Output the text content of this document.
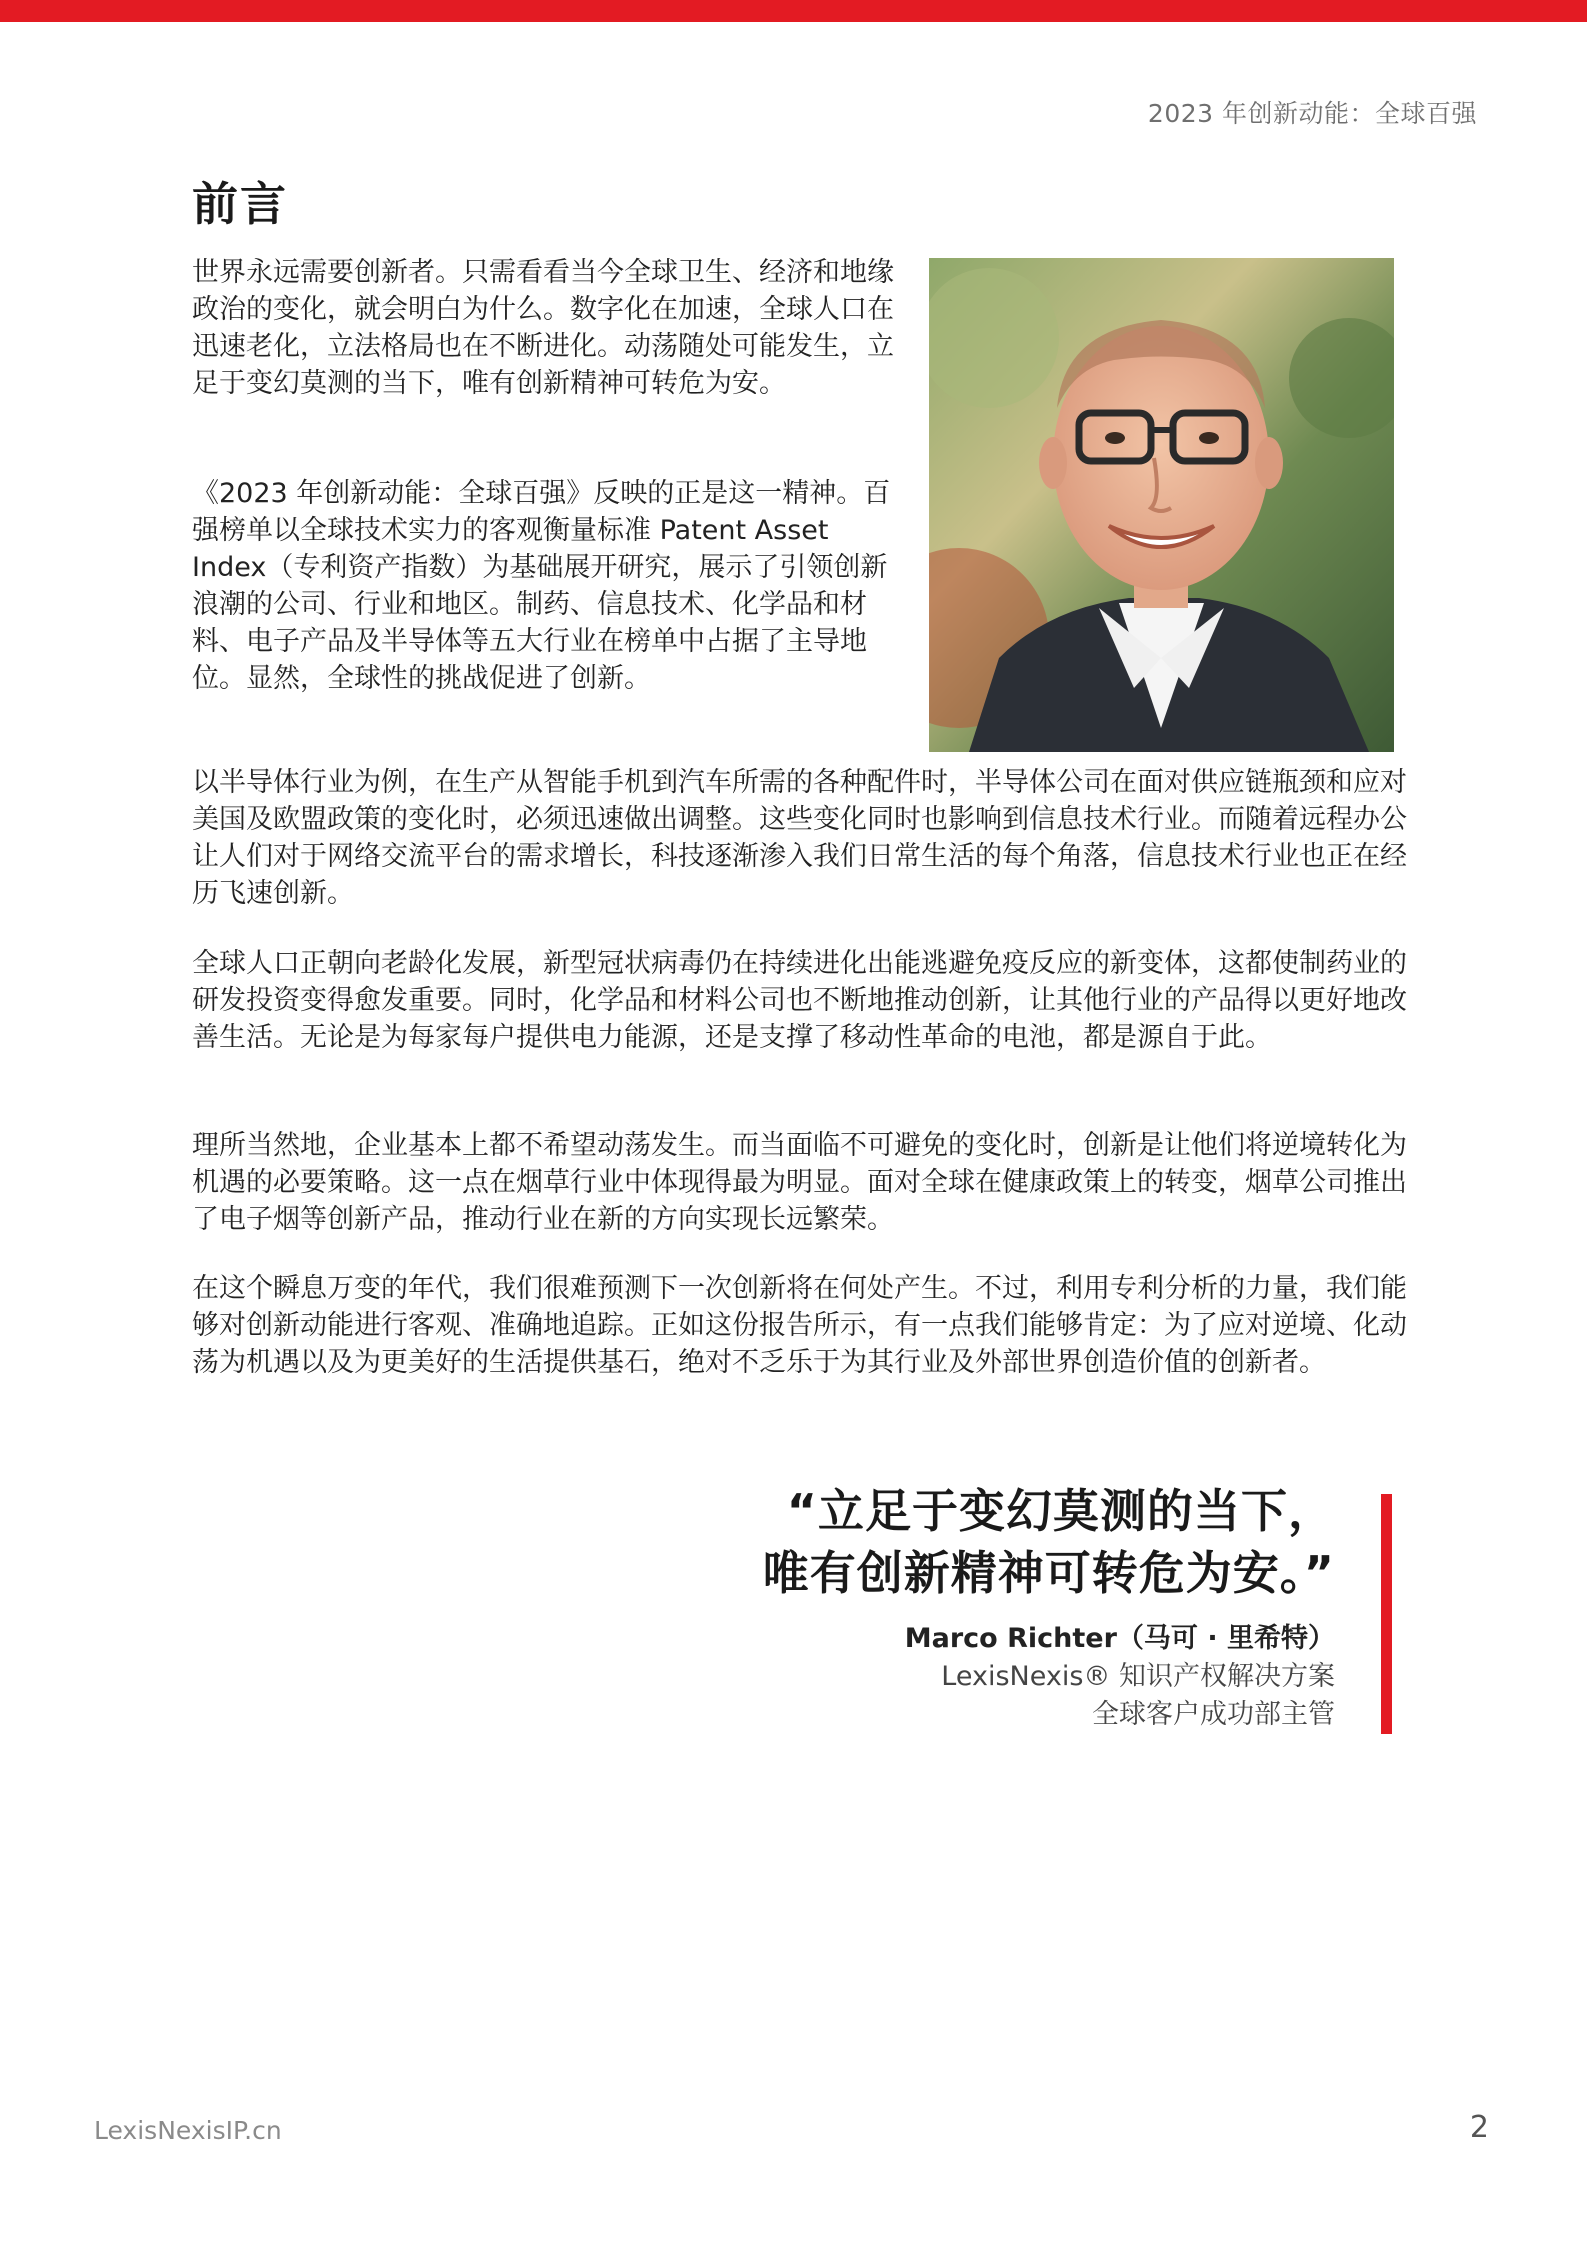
2023 年创新动能：全球百强
前言

世界永远需要创新者。只需看看当今全球卫生、经济和地缘政治的变化，就会明白为什么。数字化在加速，全球人口在迅速老化，立法格局也在不断进化。动荡随处可能发生，立足于变幻莫测的当下，唯有创新精神可转危为安。

《2023 年创新动能：全球百强》反映的正是这一精神。百强榜单以全球技术实力的客观衡量标准 Patent Asset Index（专利资产指数）为基础展开研究，展示了引领创新浪潮的公司、行业和地区。制药、信息技术、化学品和材料、电子产品及半导体等五大行业在榜单中占据了主导地位。显然，全球性的挑战促进了创新。

以半导体行业为例，在生产从智能手机到汽车所需的各种配件时，半导体公司在面对供应链瓶颈和应对美国及欧盟政策的变化时，必须迅速做出调整。这些变化同时也影响到信息技术行业。而随着远程办公让人们对于网络交流平台的需求增长，科技逐渐渗入我们日常生活的每个角落，信息技术行业也正在经历飞速创新。

全球人口正朝向老龄化发展，新型冠状病毒仍在持续进化出能逃避免疫反应的新变体，这都使制药业的研发投资变得愈发重要。同时，化学品和材料公司也不断地推动创新，让其他行业的产品得以更好地改善生活。无论是为每家每户提供电力能源，还是支撑了移动性革命的电池，都是源自于此。

理所当然地，企业基本上都不希望动荡发生。而当面临不可避免的变化时，创新是让他们将逆境转化为机遇的必要策略。这一点在烟草行业中体现得最为明显。面对全球在健康政策上的转变，烟草公司推出了电子烟等创新产品，推动行业在新的方向实现长远繁荣。

在这个瞬息万变的年代，我们很难预测下一次创新将在何处产生。不过，利用专利分析的力量，我们能够对创新动能进行客观、准确地追踪。正如这份报告所示，有一点我们能够肯定：为了应对逆境、化动荡为机遇以及为更美好的生活提供基石，绝对不乏乐于为其行业及外部世界创造价值的创新者。

“立足于变幻莫测的当下，
唯有创新精神可转危为安。”
Marco Richter（马可 · 里希特）
LexisNexis® 知识产权解决方案
全球客户成功部主管
LexisNexisIP.cn	2
